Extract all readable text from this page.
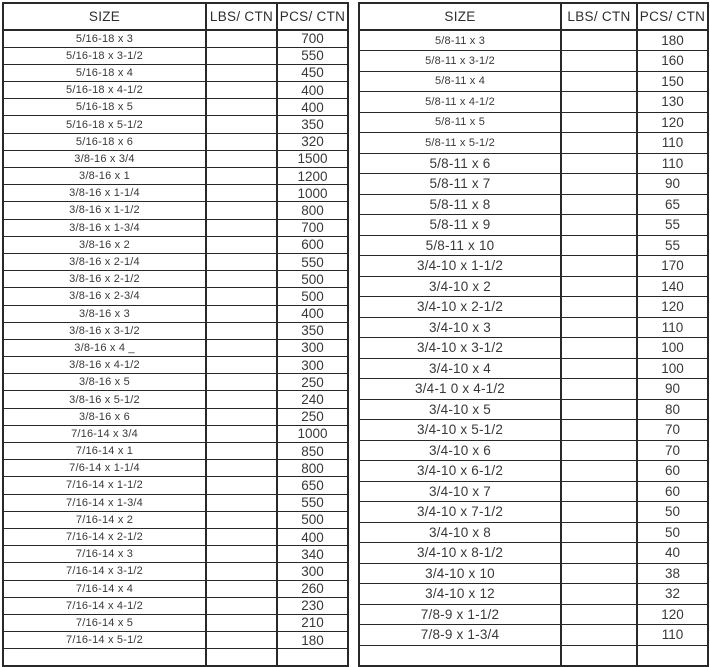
SIZE	LBS/ CTN	PCS/ CTN
5/16-18 x 3		700
5/16-18 x 3-1/2		550
5/16-18 x 4		450
5/16-18 x 4-1/2		400
5/16-18 x 5		400
5/16-18 x 5-1/2		350
5/16-18 x 6		320
3/8-16 x 3/4		1500
3/8-16 x 1		1200
3/8-16 x 1-1/4		1000
3/8-16 x 1-1/2		800
3/8-16 x 1-3/4		700
3/8-16 x 2		600
3/8-16 x 2-1/4		550
3/8-16 x 2-1/2		500
3/8-16 x 2-3/4		500
3/8-16 x 3		400
3/8-16 x 3-1/2		350
3/8-16 x 4 _		300
3/8-16 x 4-1/2		300
3/8-16 x 5		250
3/8-16 x 5-1/2		240
3/8-16 x 6		250
7/16-14 x 3/4		1000
7/16-14 x 1		850
7/6-14 x 1-1/4		800
7/16-14 x 1-1/2		650
7/16-14 x 1-3/4		550
7/16-14 x 2		500
7/16-14 x 2-1/2		400
7/16-14 x 3		340
7/16-14 x 3-1/2		300
7/16-14 x 4		260
7/16-14 x 4-1/2		230
7/16-14 x 5		210
7/16-14 x 5-1/2		180

SIZE	LBS/ CTN	PCS/ CTN
5/8-11 x 3		180
5/8-11 x 3-1/2		160
5/8-11 x 4		150
5/8-11 x 4-1/2		130
5/8-11 x 5		120
5/8-11 x 5-1/2		110
5/8-11 x 6		110
5/8-11 x 7		90
5/8-11 x 8		65
5/8-11 x 9		55
5/8-11 x 10		55
3/4-10 x 1-1/2		170
3/4-10 x 2		140
3/4-10 x 2-1/2		120
3/4-10 x 3		110
3/4-10 x 3-1/2		100
3/4-10 x 4		100
3/4-1 0 x 4-1/2		90
3/4-10 x 5		80
3/4-10 x 5-1/2		70
3/4-10 x 6		70
3/4-10 x 6-1/2		60
3/4-10 x 7		60
3/4-10 x 7-1/2		50
3/4-10 x 8		50
3/4-10 x 8-1/2		40
3/4-10 x 10		38
3/4-10 x 12		32
7/8-9 x 1-1/2		120
7/8-9 x 1-3/4		110
